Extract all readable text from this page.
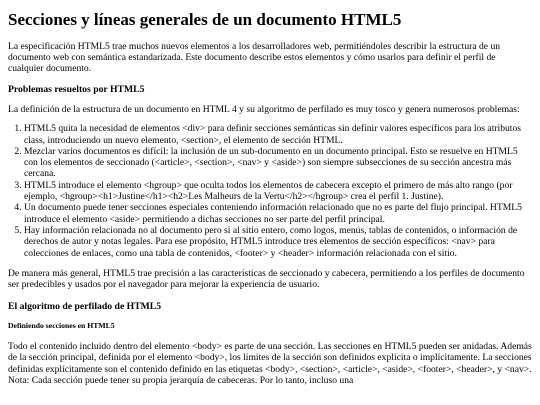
Secciones y líneas generales de un documento HTML5

La especificación HTML5 trae muchos nuevos elementos a los desarrolladores web, permitiéndoles describir la estructura de un documento web con semántica estandarizada. Este documento describe estos elementos y cómo usarlos para definir el perfil de cualquier documento.

Problemas resueltos por HTML5

La definición de la estructura de un documento en HTML 4 y su algoritmo de perfilado es muy tosco y genera numerosos problemas:

1. HTML5 quita la necesidad de elementos <div> para definir secciones semánticas sin definir valores específicos para los atributos class, introduciendo un nuevo elemento, <section>, el elemento de sección HTML.
2. Mezclar varios documentos es difícil: la inclusión de un sub-documento en un documento principal. Esto se resuelve en HTML5 con los elementos de seccionado (<article>, <section>, <nav> y <aside>) son siempre subsecciones de su sección ancestra más cercana.
3. HTML5 introduce el elemento <hgroup> que oculta todos los elementos de cabecera excepto el primero de más alto rango (por ejemplo, <hgroup><h1>Justine</h1><h2>Les Malheurs de la Vertu</h2></hgroup> crea el perfil 1. Justine).
4. Un documento puede tener secciones especiales conteniendo información relacionado que no es parte del flujo principal. HTML5 introduce el elemento <aside> permitiendo a dichas secciones no ser parte del perfil principal.
5. Hay información relacionada no al documento pero si al sitio entero, como logos, menús, tablas de contenidos, o información de derechos de autor y notas legales. Para ese propósito, HTML5 introduce tres elementos de sección específicos: <nav> para colecciones de enlaces, como una tabla de contenidos, <footer> y <header> información relacionada con el sitio.

De manera más general, HTML5 trae precisión a las características de seccionado y cabecera, permitiendo a los perfiles de documento ser predecibles y usados por el navegador para mejorar la experiencia de usuario.

El algoritmo de perfilado de HTML5
Definiendo secciones en HTML5

Todo el contenido incluido dentro del elemento <body> es parte de una sección. Las secciones en HTML5 pueden ser anidadas. Además de la sección principal, definida por el elemento <body>, los límites de la sección son definidos explícita o implícitamente. La secciones definidas explícitamente son el contenido definido en las etiquetas <body>, <section>, <article>, <aside>, <footer>, <header>, y <nav>. Nota: Cada sección puede tener su propia jerarquía de cabeceras. Por lo tanto, incluso una
